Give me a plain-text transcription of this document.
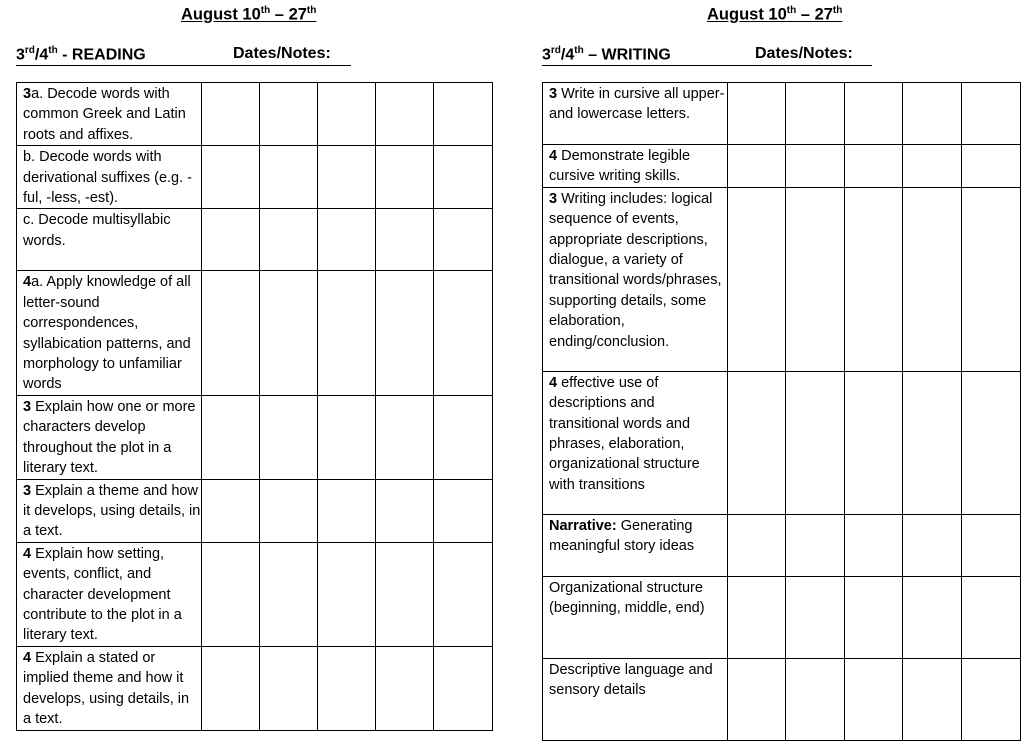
August 10th – 27th
3rd/4th - READING	Dates/Notes:
3a. Decode words with common Greek and Latin roots and affixes.					
b. Decode words with derivational suffixes (e.g. -ful, -less, -est).					
c. Decode multisyllabic words.					
4a. Apply knowledge of all letter-sound correspondences, syllabication patterns, and morphology to unfamiliar words					
3 Explain how one or more characters develop throughout the plot in a literary text.					
3 Explain a theme and how it develops, using details, in a text.					
4 Explain how setting, events, conflict, and character development contribute to the plot in a literary text.					
4 Explain a stated or implied theme and how it develops, using details, in a text.					
August 10th – 27th
3rd/4th – WRITING	Dates/Notes:
3 Write in cursive all upper- and lowercase letters.					
4 Demonstrate legible cursive writing skills.					
3 Writing includes: logical sequence of events, appropriate descriptions, dialogue, a variety of transitional words/phrases, supporting details, some elaboration, ending/conclusion.					
4 effective use of descriptions and transitional words and phrases, elaboration, organizational structure with transitions					
Narrative: Generating meaningful story ideas					
Organizational structure (beginning, middle, end)					
Descriptive language and sensory details					
